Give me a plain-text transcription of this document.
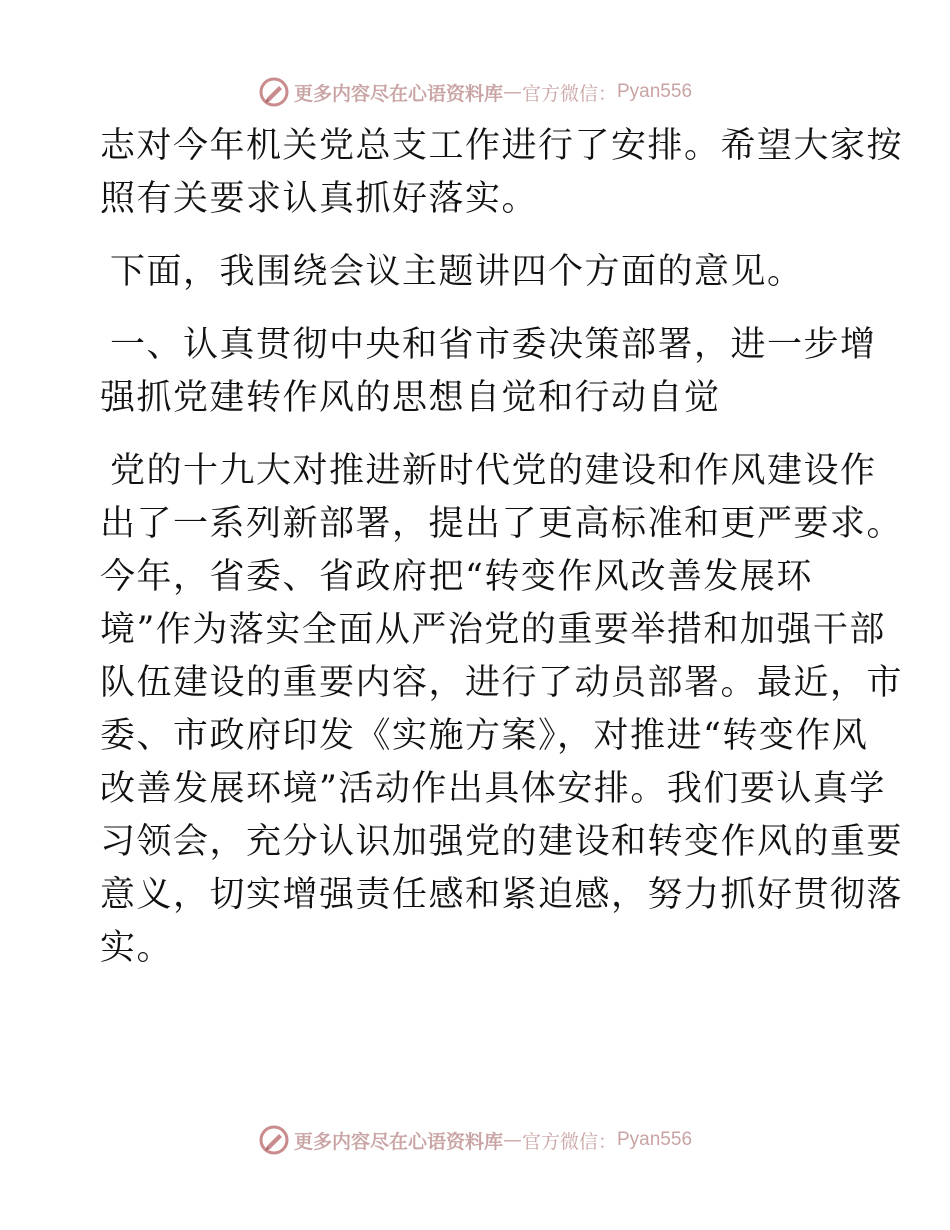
更多内容尽在心语资料库 — 官方微信： Pyan556

志对今年机关党总支工作进行了安排。希望大家按

照有关要求认真抓好落实。

下面，我围绕会议主题讲四个方面的意见。

一、认真贯彻中央和省市委决策部署，进一步增

强抓党建转作风的思想自觉和行动自觉

党的十九大对推进新时代党的建设和作风建设作

出了一系列新部署，提出了更高标准和更严要求。

今年，省委、省政府把“转变作风改善发展环

境”作为落实全面从严治党的重要举措和加强干部

队伍建设的重要内容，进行了动员部署。最近，市

委、市政府印发《实施方案》，对推进“转变作风

改善发展环境”活动作出具体安排。我们要认真学

习领会，充分认识加强党的建设和转变作风的重要

意义，切实增强责任感和紧迫感，努力抓好贯彻落

实。

更多内容尽在心语资料库 — 官方微信： Pyan556
